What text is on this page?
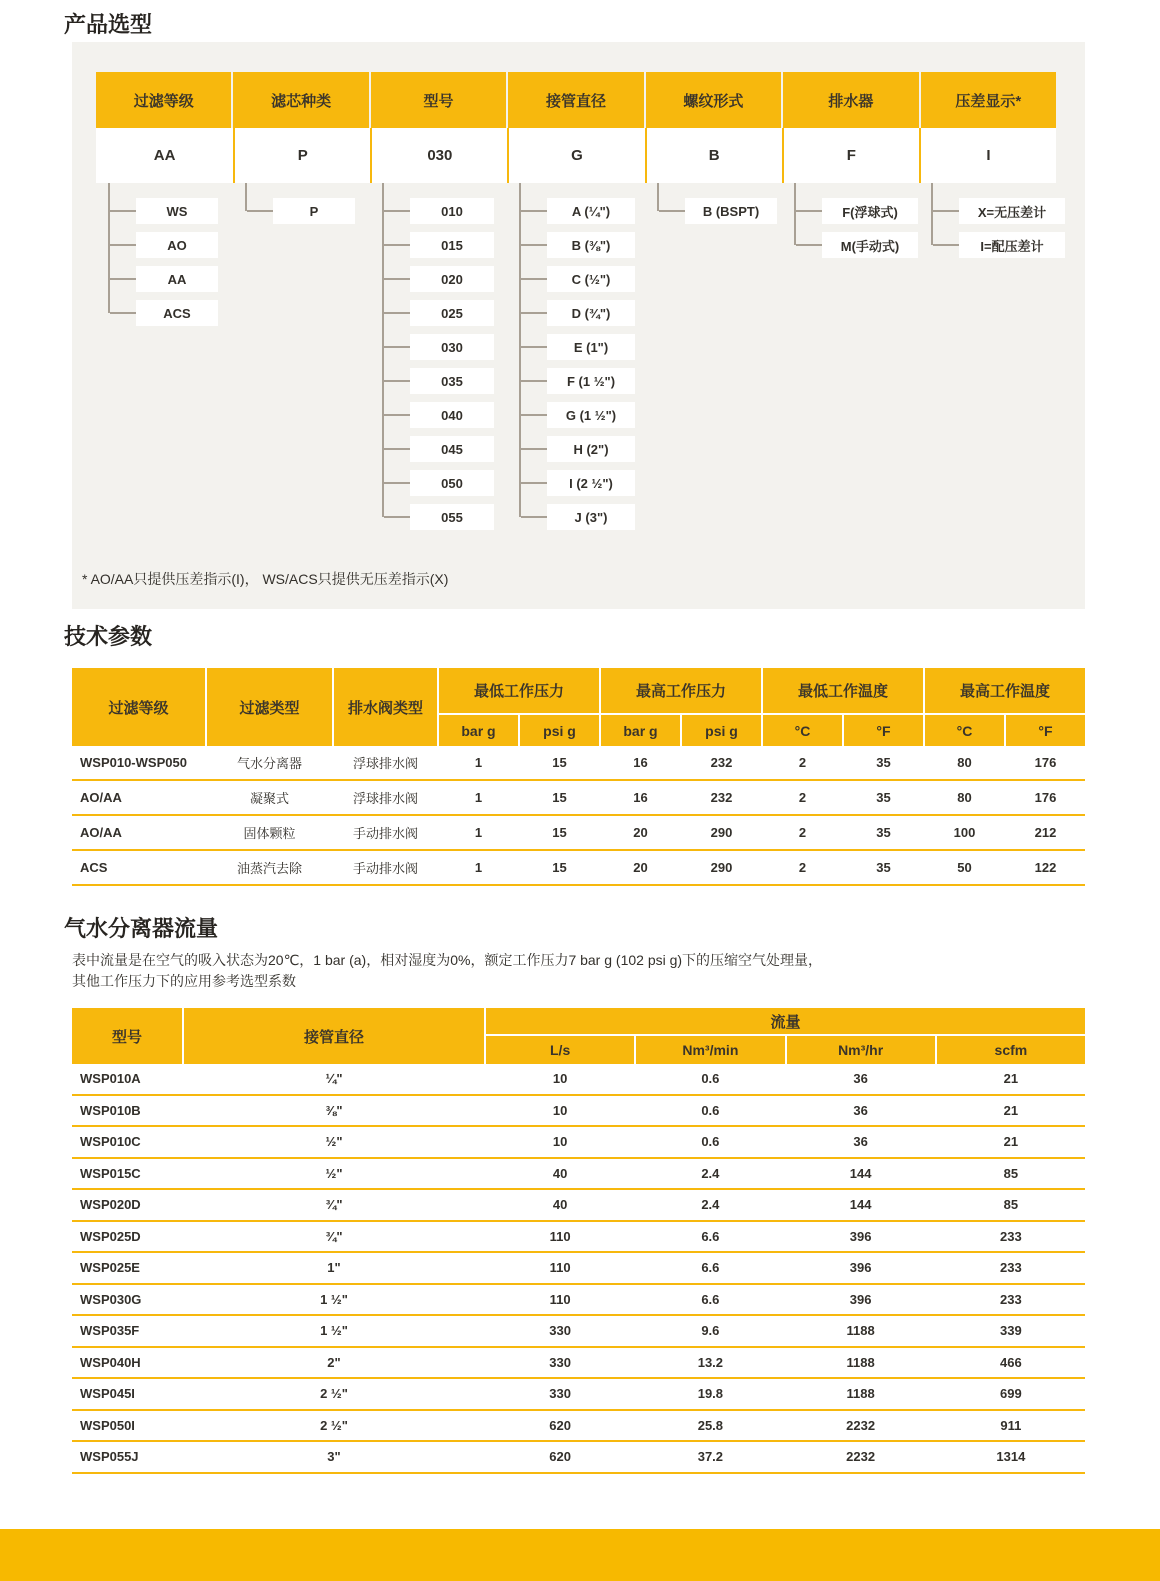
产品选型
过滤等级	滤芯种类	型号	接管直径	螺纹形式	排水器	压差显示*
AA	P	030	G	B	F	I
WS
AO
AA
ACS
P	010
015
020
025
030
035
040
045
050
055
A (¼")
B (⅜")
C (½")
D (¾")
E (1")
F (1 ½")
G (1 ½")
H (2")
I (2 ½")
J (3")
B (BSPT)	F(浮球式)
M(手动式)
X=无压差计
I=配压差计
* AO/AA只提供压差指示(I)， WS/ACS只提供无压差指示(X)
技术参数
过滤等级	过滤类型	排水阀类型
最低工作压力	最高工作压力	最低工作温度	最高工作温度
bar g	psi g	bar g	psi g	°C	°F	°C	°F
WSP010-WSP050	气水分离器	浮球排水阀	1	15	16	232	2	35	80	176
AO/AA	凝聚式	浮球排水阀	1	15	16	232	2	35	80	176
AO/AA	固体颗粒	手动排水阀	1	15	20	290	2	35	100	212
ACS	油蒸汽去除	手动排水阀	1	15	20	290	2	35	50	122
气水分离器流量

表中流量是在空气的吸入状态为20℃，1 bar (a)，相对湿度为0%，额定工作压力7 bar g (102 psi g)下的压缩空气处理量，
其他工作压力下的应用参考选型系数

型号	接管直径
流量
L/s	Nm³/min	Nm³/hr	scfm
WSP010A	¼"	10	0.6	36	21
WSP010B	⅜"	10	0.6	36	21
WSP010C	½"	10	0.6	36	21
WSP015C	½"	40	2.4	144	85
WSP020D	¾"	40	2.4	144	85
WSP025D	¾"	110	6.6	396	233
WSP025E	1"	110	6.6	396	233
WSP030G	1 ½"	110	6.6	396	233
WSP035F	1 ½"	330	9.6	1188	339
WSP040H	2"	330	13.2	1188	466
WSP045I	2 ½"	330	19.8	1188	699
WSP050I	2 ½"	620	25.8	2232	911
WSP055J	3"	620	37.2	2232	1314
